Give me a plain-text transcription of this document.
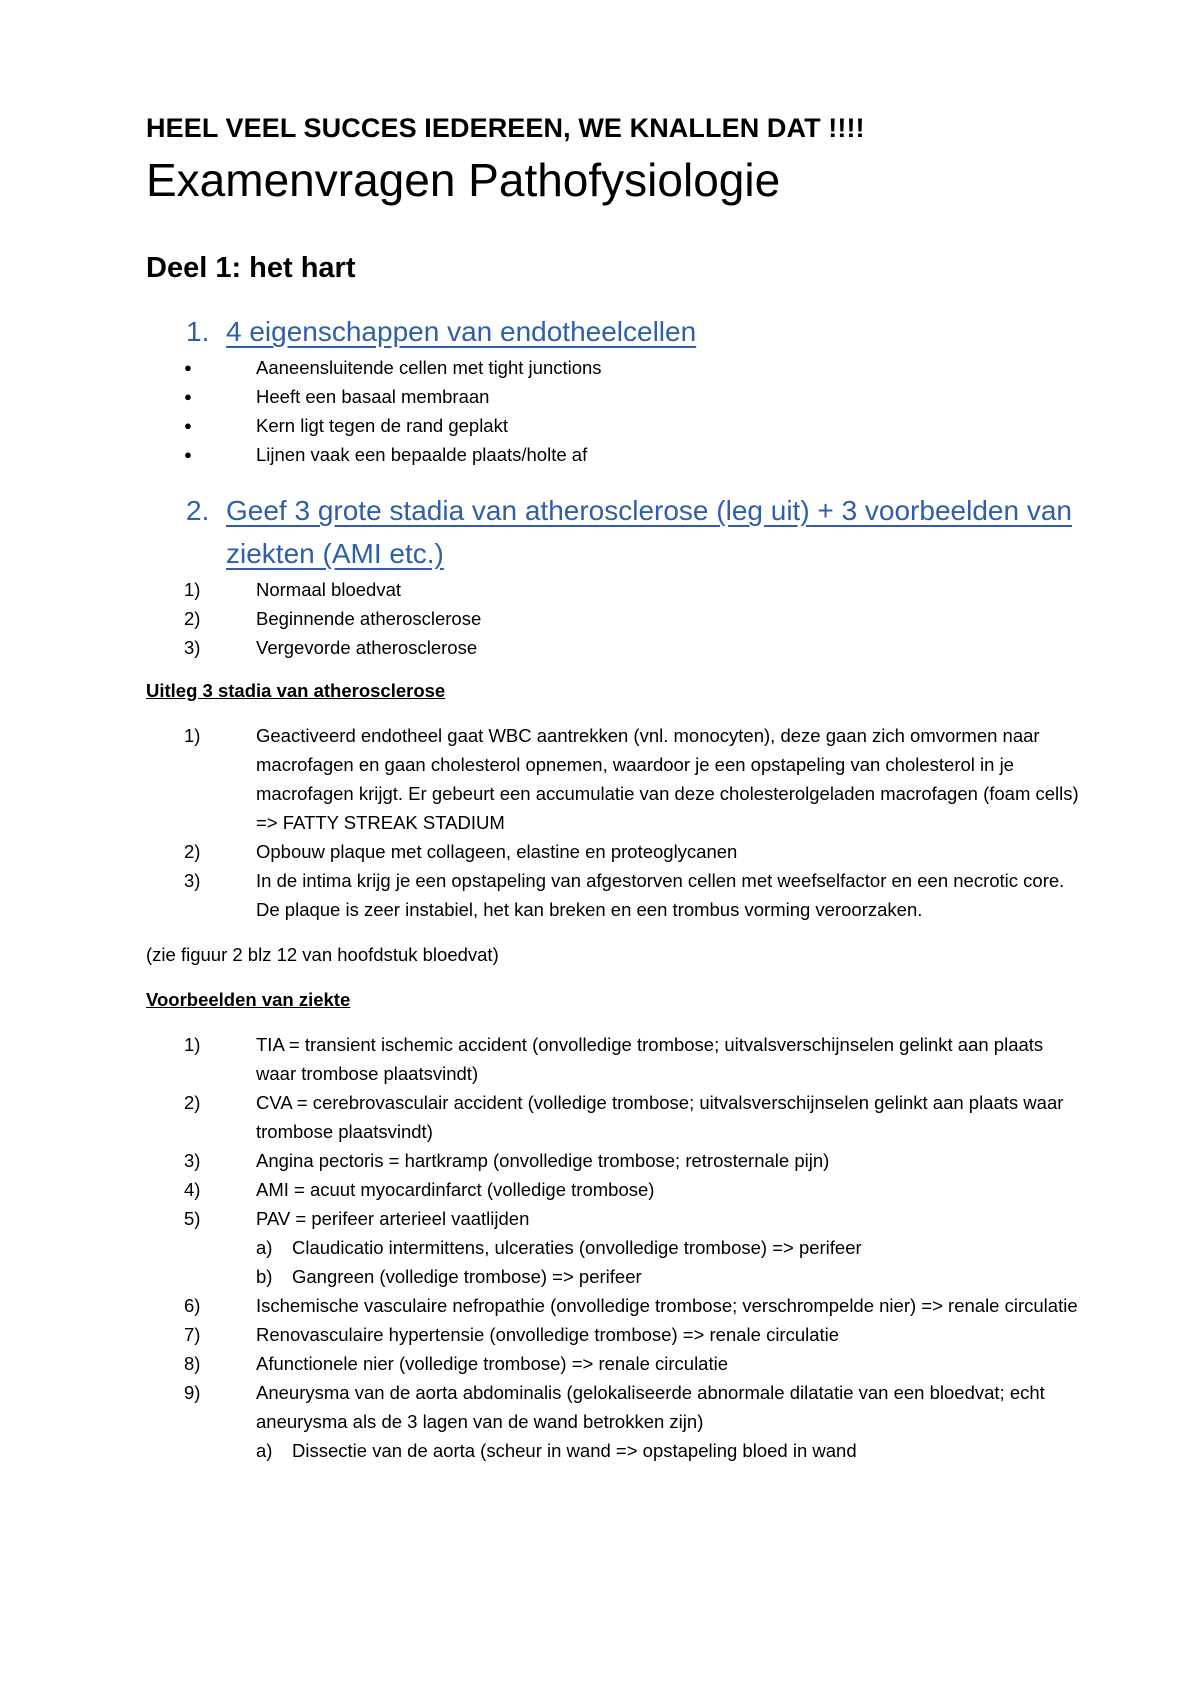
HEEL VEEL SUCCES IEDEREEN, WE KNALLEN DAT !!!!

Examenvragen Pathofysiologie
Deel 1: het hart
1. 4 eigenschappen van endotheelcellen
●	Aaneensluitende cellen met tight junctions
●	Heeft een basaal membraan
●	Kern ligt tegen de rand geplakt
●	Lijnen vaak een bepaalde plaats/holte af
2. Geef 3 grote stadia van atherosclerose (leg uit) + 3 voorbeelden van ziekten (AMI etc.)
1)	Normaal bloedvat
2)	Beginnende atherosclerose
3)	Vergevorde atherosclerose

Uitleg 3 stadia van atherosclerose

1)	Geactiveerd endotheel gaat WBC aantrekken (vnl. monocyten), deze gaan zich omvormen naar macrofagen en gaan cholesterol opnemen, waardoor je een opstapeling van cholesterol in je macrofagen krijgt. Er gebeurt een accumulatie van deze cholesterolgeladen macrofagen (foam cells) => FATTY STREAK STADIUM
2)	Opbouw plaque met collageen, elastine en proteoglycanen
3)	In de intima krijg je een opstapeling van afgestorven cellen met weefselfactor en een necrotic core. De plaque is zeer instabiel, het kan breken en een trombus vorming veroorzaken.

(zie figuur 2 blz 12 van hoofdstuk bloedvat)

Voorbeelden van ziekte

1)	TIA = transient ischemic accident (onvolledige trombose; uitvalsverschijnselen gelinkt aan plaats waar trombose plaatsvindt)
2)	CVA = cerebrovasculair accident (volledige trombose; uitvalsverschijnselen gelinkt aan plaats waar trombose plaatsvindt)
3)	Angina pectoris = hartkramp (onvolledige trombose; retrosternale pijn)
4)	AMI = acuut myocardinfarct (volledige trombose)
5)	PAV = perifeer arterieel vaatlijden
a)	Claudicatio intermittens, ulceraties (onvolledige trombose) => perifeer
b)	Gangreen (volledige trombose) => perifeer
6)	Ischemische vasculaire nefropathie (onvolledige trombose; verschrompelde nier) => renale circulatie
7)	Renovasculaire hypertensie (onvolledige trombose) => renale circulatie
8)	Afunctionele nier (volledige trombose) => renale circulatie
9)	Aneurysma van de aorta abdominalis (gelokaliseerde abnormale dilatatie van een bloedvat; echt aneurysma als de 3 lagen van de wand betrokken zijn)
a)	Dissectie van de aorta (scheur in wand => opstapeling bloed in wand
